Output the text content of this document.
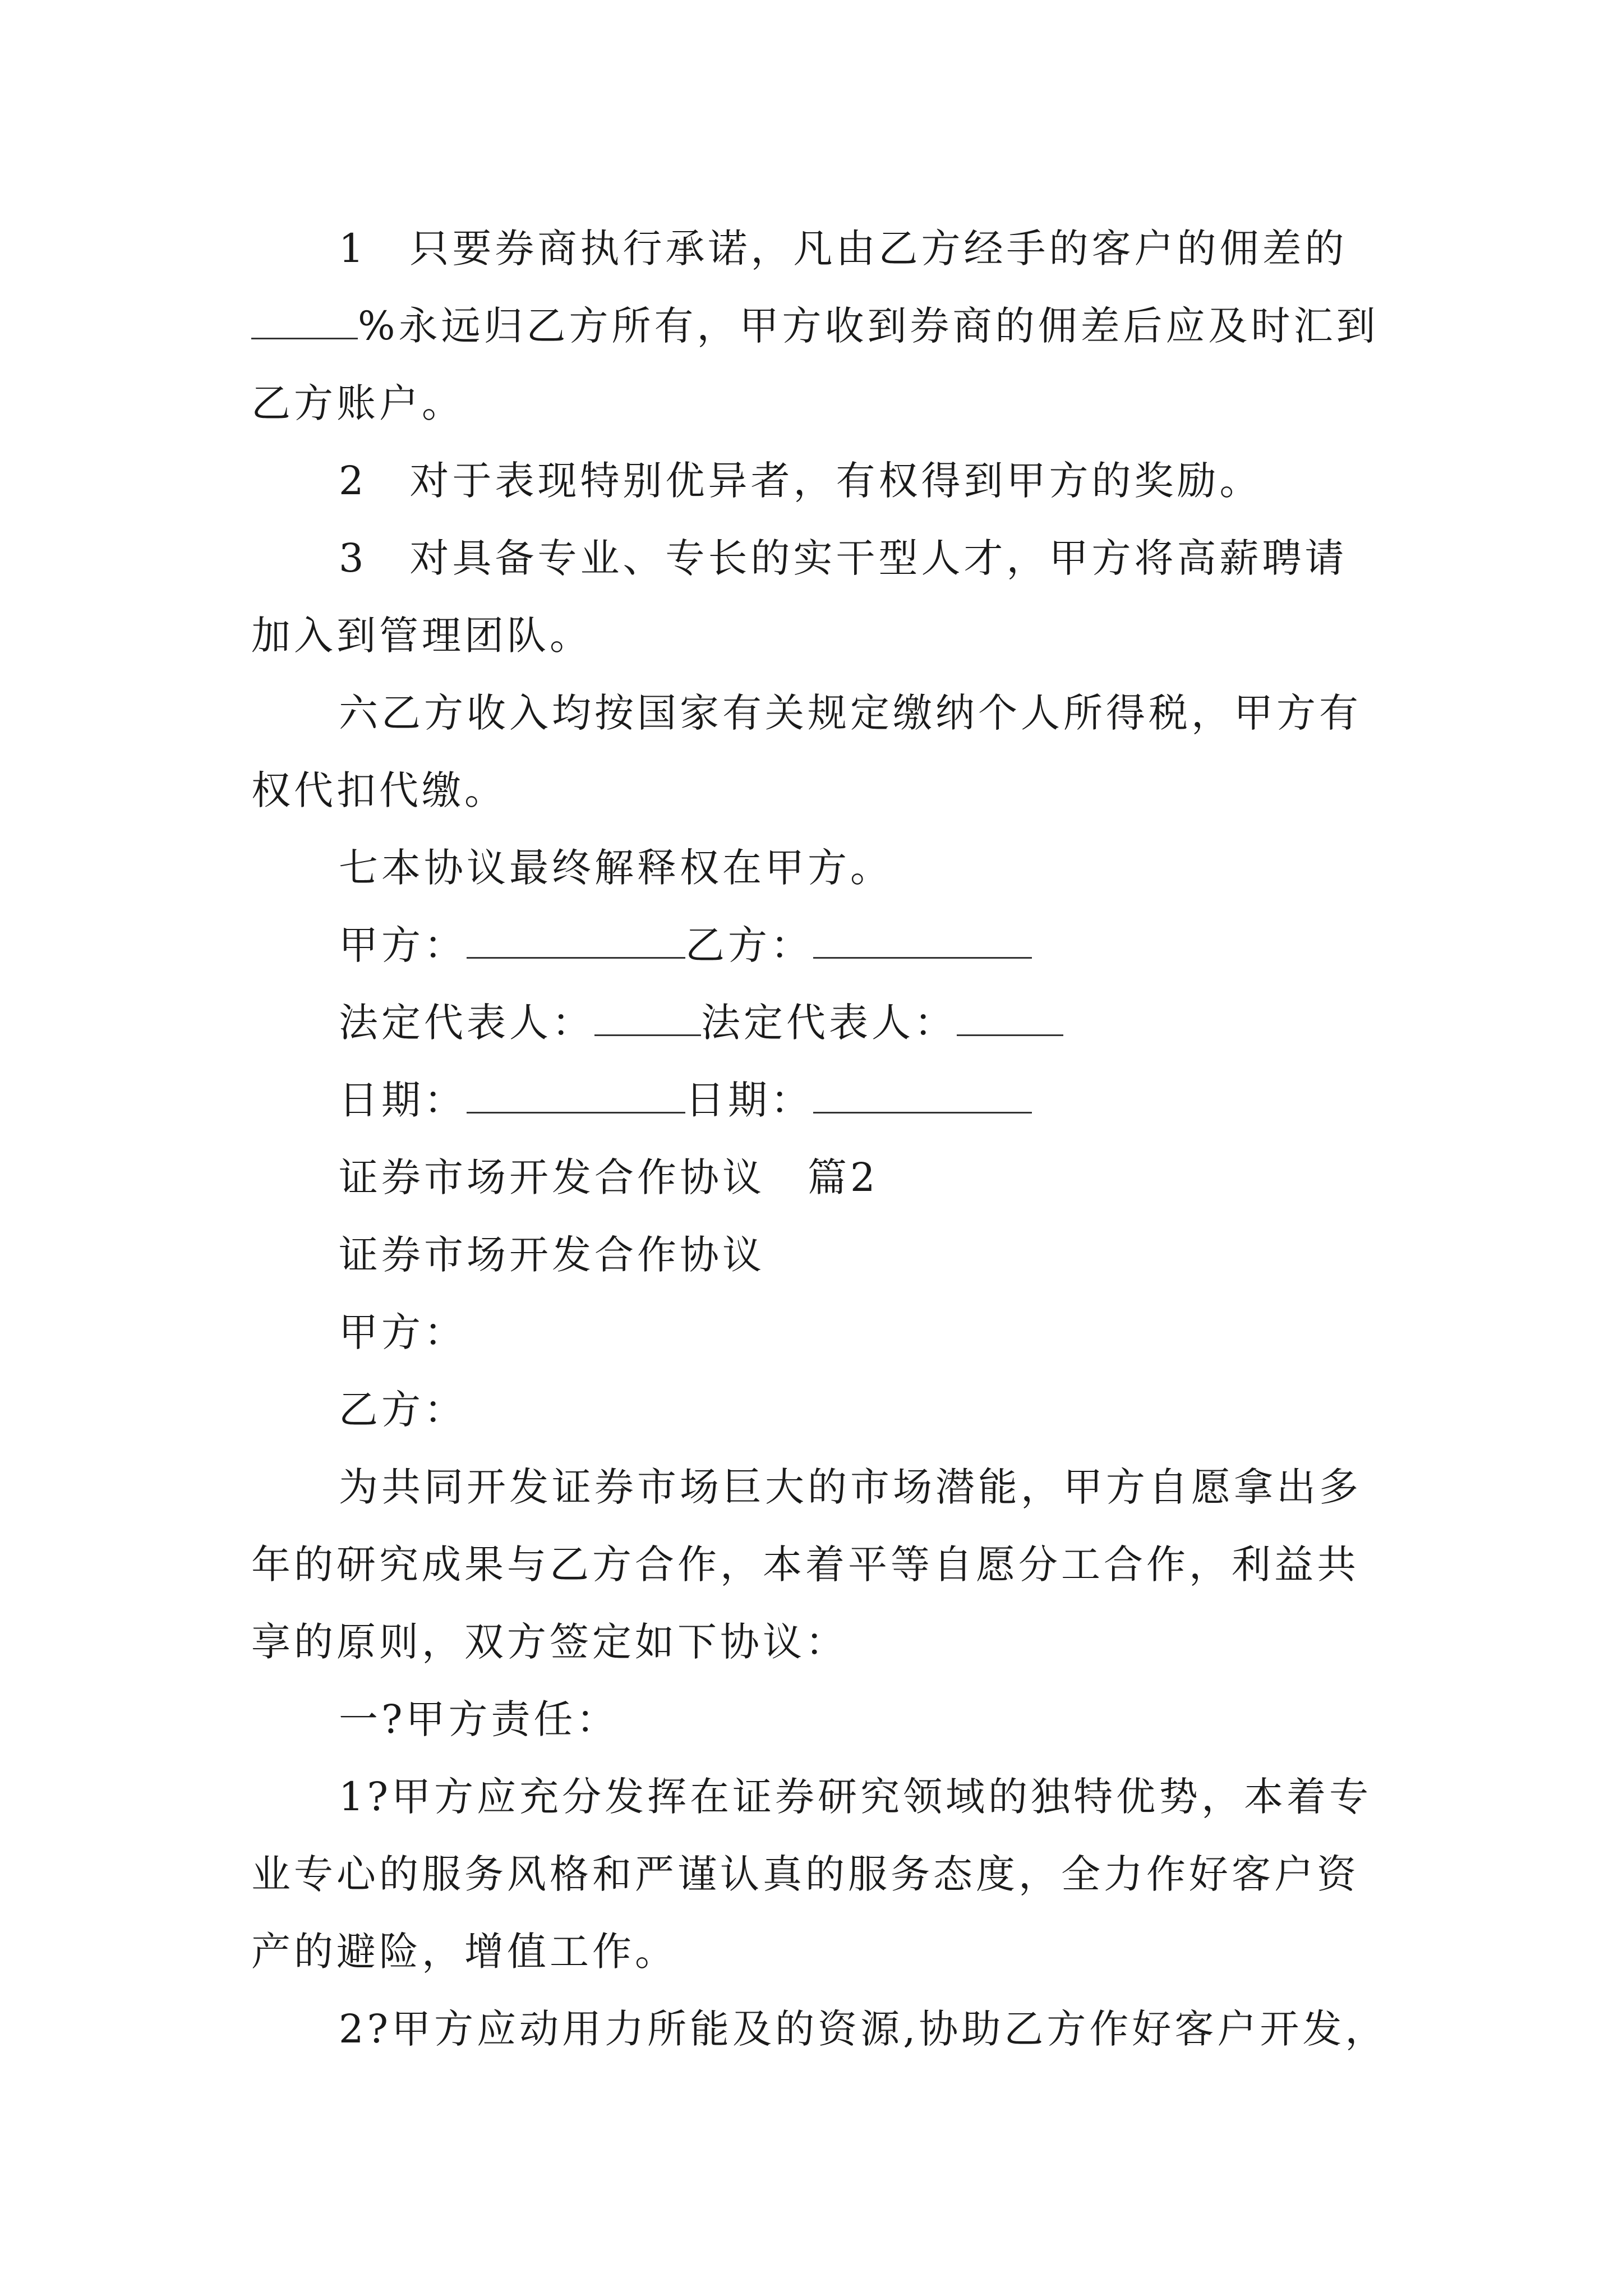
1　只要券商执行承诺，凡由乙方经手的客户的佣差的
%永远归乙方所有，甲方收到券商的佣差后应及时汇到
乙方账户。
2　对于表现特别优异者，有权得到甲方的奖励。
3　对具备专业、专长的实干型人才，甲方将高薪聘请
加入到管理团队。
六乙方收入均按国家有关规定缴纳个人所得税，甲方有
权代扣代缴。
七本协议最终解释权在甲方。
甲方：	乙方：
法定代表人：	法定代表人：
日期：	日期：
证券市场开发合作协议　篇2
证券市场开发合作协议
甲方：
乙方：
为共同开发证券市场巨大的市场潜能，甲方自愿拿出多
年的研究成果与乙方合作，本着平等自愿分工合作，利益共
享的原则，双方签定如下协议：
一?甲方责任：
1?甲方应充分发挥在证券研究领域的独特优势，本着专
业专心的服务风格和严谨认真的服务态度，全力作好客户资
产的避险，增值工作。
2?甲方应动用力所能及的资源,协助乙方作好客户开发，
